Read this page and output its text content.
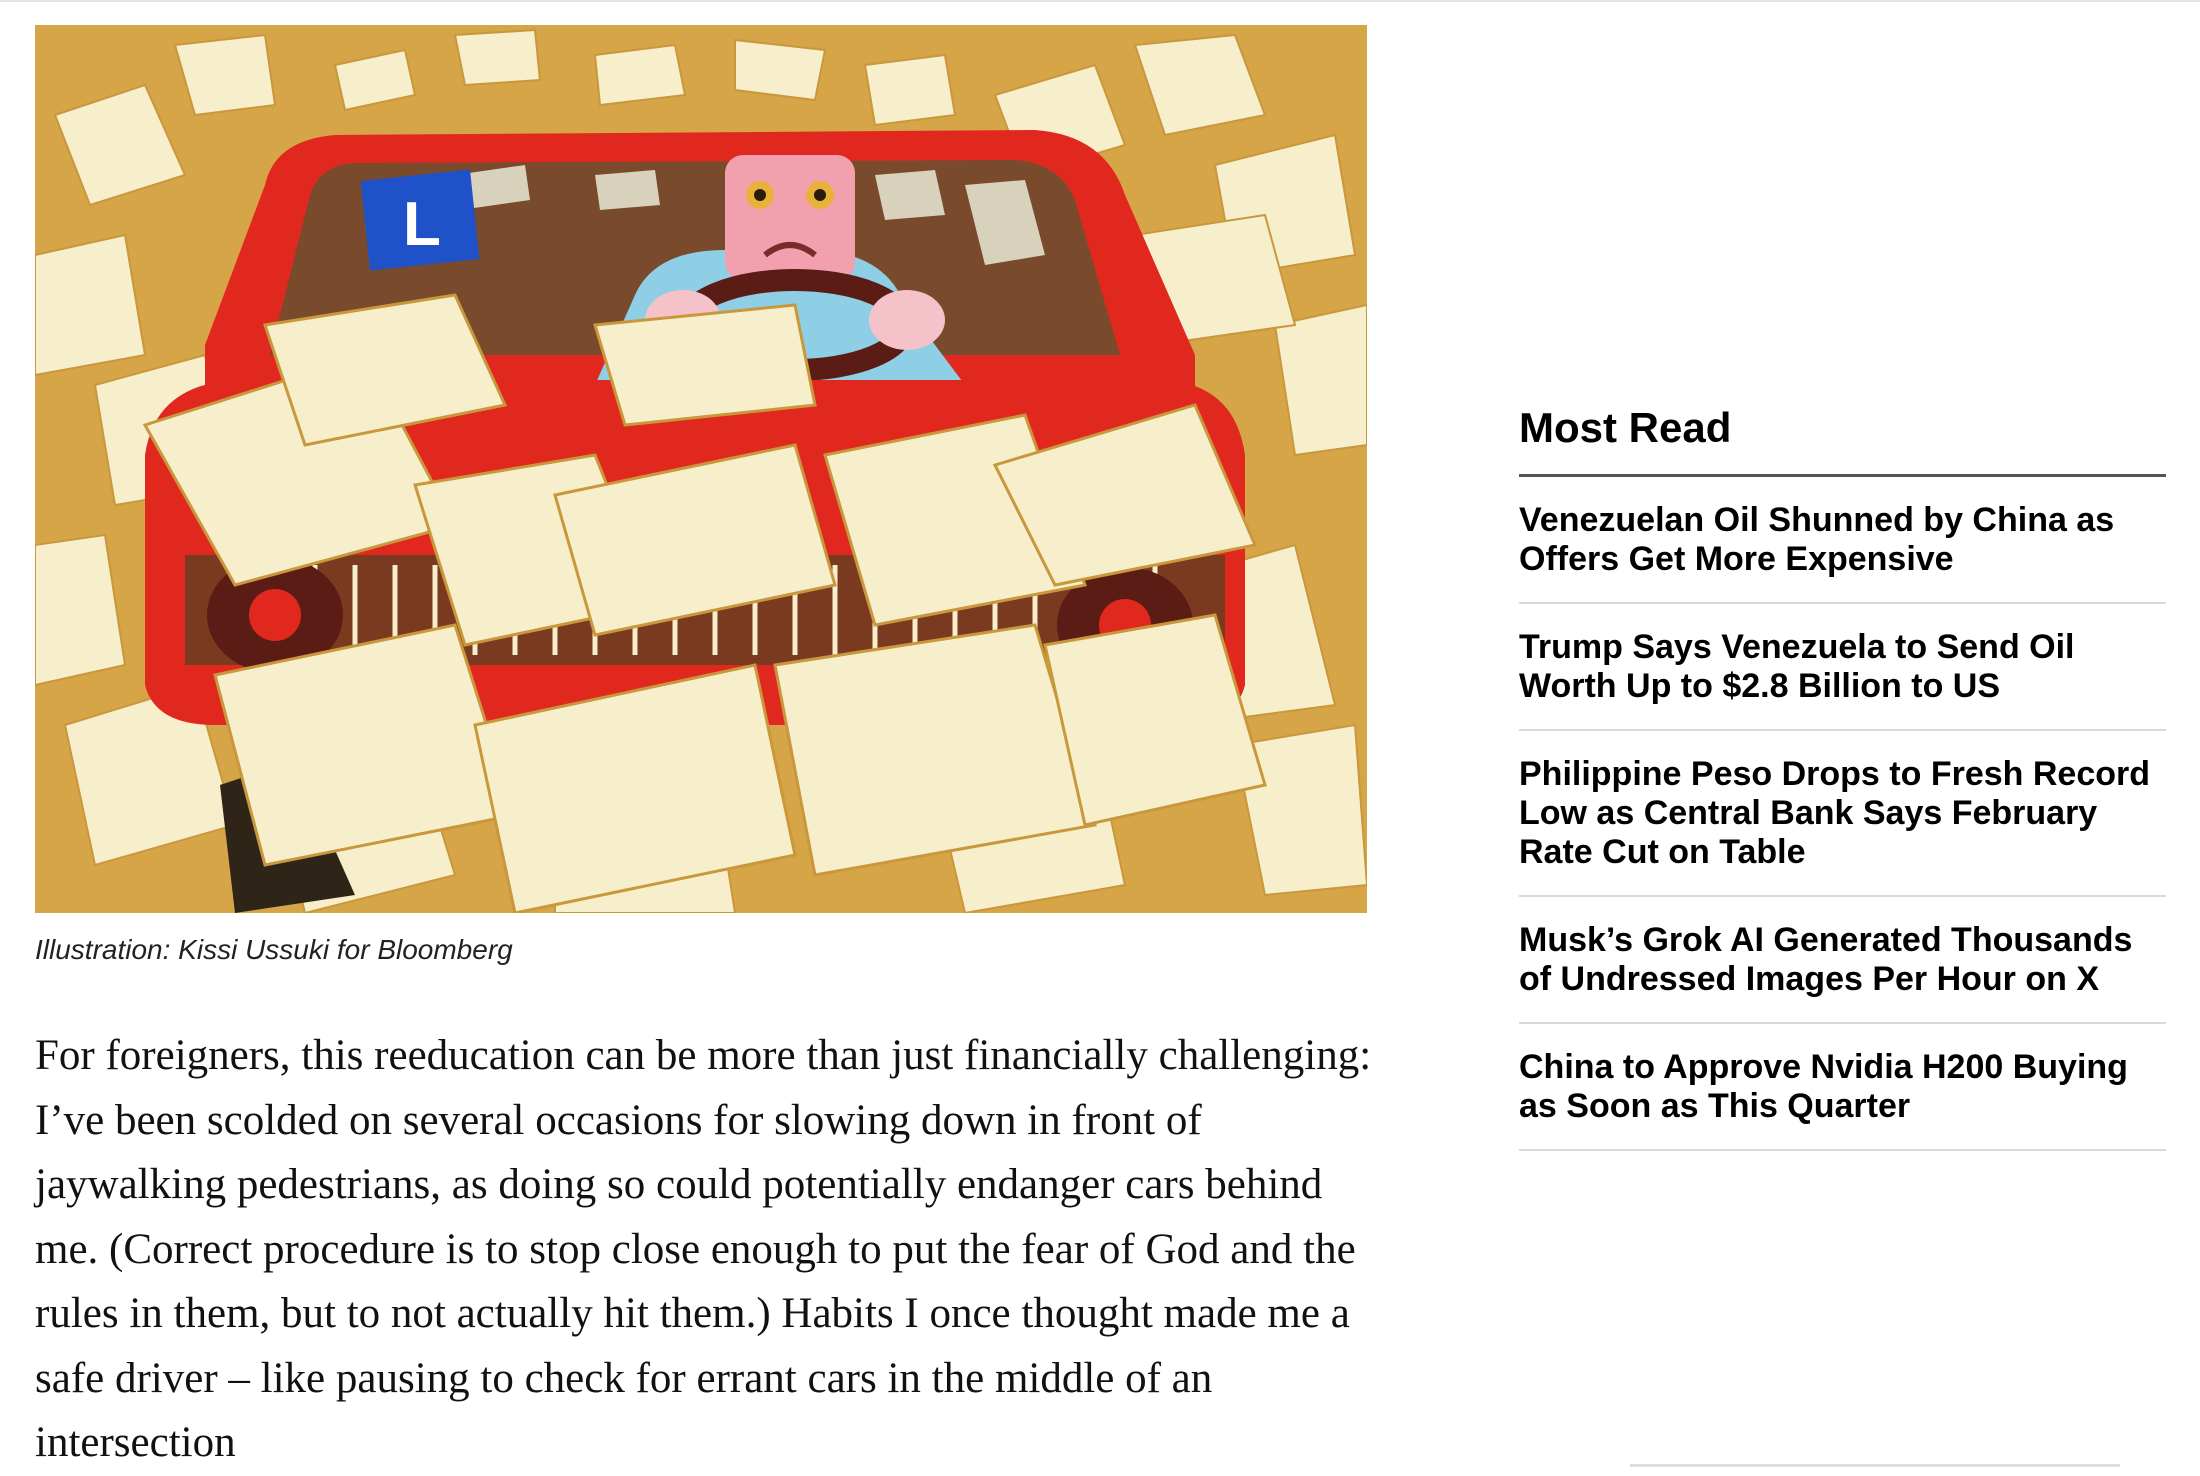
L
Illustration: Kissi Ussuki for Bloomberg

For foreigners, this reeducation can be more than just financially challenging: I’ve been scolded on several occasions for slowing down in front of jaywalking pedestrians, as doing so could potentially endanger cars behind me. (Correct procedure is to stop close enough to put the fear of God and the rules in them, but to not actually hit them.) Habits I once thought made me a safe driver – like pausing to check for errant cars in the middle of an intersection

Most Read
Venezuelan Oil Shunned by China as Offers Get More Expensive
Trump Says Venezuela to Send Oil Worth Up to $2.8 Billion to US
Philippine Peso Drops to Fresh Record Low as Central Bank Says February Rate Cut on Table
Musk’s Grok AI Generated Thousands of Undressed Images Per Hour on X
China to Approve Nvidia H200 Buying as Soon as This Quarter
